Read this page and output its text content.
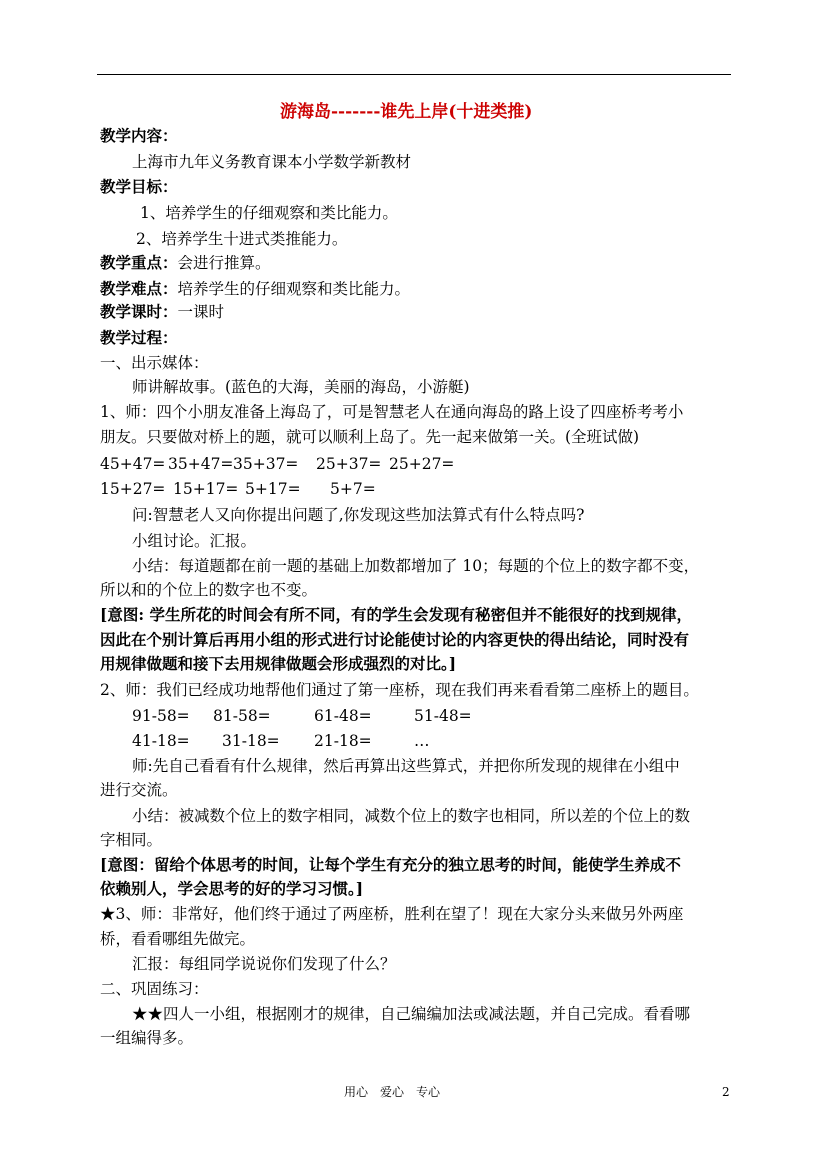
游海岛-------谁先上岸(十进类推)
教学内容：
上海市九年义务教育课本小学数学新教材
教学目标：
1、培养学生的仔细观察和类比能力。
2、培养学生十进式类推能力。
教学重点：会进行推算。
教学难点：培养学生的仔细观察和类比能力。
教学课时：一课时
教学过程：
一、出示媒体：
师讲解故事。(蓝色的大海，美丽的海岛，小游艇)
1、师：四个小朋友准备上海岛了，可是智慧老人在通向海岛的路上设了四座桥考考小
朋友。只要做对桥上的题，就可以顺利上岛了。先一起来做第一关。(全班试做)
45+47= 35+47=35+37= 25+37= 25+27=
15+27= 15+17= 5+17= 5+7=
问:智慧老人又向你提出问题了,你发现这些加法算式有什么特点吗?
小组讨论。汇报。
小结：每道题都在前一题的基础上加数都增加了 10；每题的个位上的数字都不变，
所以和的个位上的数字也不变。
[意图: 学生所花的时间会有所不同，有的学生会发现有秘密但并不能很好的找到规律，
因此在个别计算后再用小组的形式进行讨论能使讨论的内容更快的得出结论，同时没有
用规律做题和接下去用规律做题会形成强烈的对比。]
2、师：我们已经成功地帮他们通过了第一座桥，现在我们再来看看第二座桥上的题目。
91-58= 81-58=	61-48=	51-48=
41-18= 31-18= 21-18=	…
师:先自己看看有什么规律，然后再算出这些算式，并把你所发现的规律在小组中
进行交流。
小结：被减数个位上的数字相同，减数个位上的数字也相同，所以差的个位上的数
字相同。
[意图：留给个体思考的时间，让每个学生有充分的独立思考的时间，能使学生养成不
依赖别人，学会思考的好的学习习惯。]
★3、师：非常好，他们终于通过了两座桥，胜利在望了！现在大家分头来做另外两座
桥，看看哪组先做完。
汇报：每组同学说说你们发现了什么？
二、巩固练习：
★★四人一小组，根据刚才的规律，自己编编加法或减法题，并自己完成。看看哪
一组编得多。
用心　爱心　专心	2
